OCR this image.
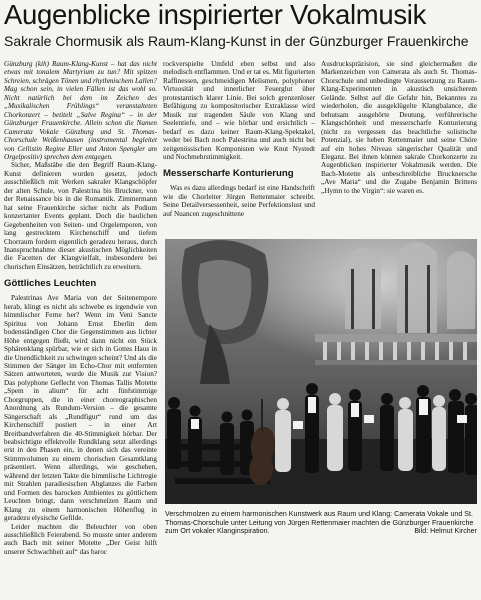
Augenblicke inspirierter Vokalmusik
Sakrale Chormusik als Raum-Klang-Kunst in der Günzburger Frauenkirche

Günzburg (kih) Raum-Klang-Kunst – hat das nicht etwas mit tonalem Martyrium zu tun? Mit spitzen Schreien, schrägen Tönen und rhythmischem Lallen? Mag schon sein, in vielen Fällen ist das wohl so. Nicht natürlich bei dem im Zeichen des „Musikalischen Frühlings“ veranstalteten Chorkonzert – betitelt „Salve Regina“ – in der Günzburger Frauenkirche. Allein schon die Namen Camerata Vokale Günzburg und St. Thomas-Chorschule Weißenhausen (instrumental begleitet von Cellistin Regine Eller und Anton Spengler am Orgelpositiv) sprechen dem entgegen.

Sicher, Maßstäbe die den Begriff Raum-Klang-Kunst definieren wurden gesetzt, jedoch ausschließlich mit Werken sakraler Klangschöpfer der alten Schule, von Palestrina bis Bruckner, von der Renaissance bis in die Romantik. Zimmermann hat seine Frauenkirche sicher nicht als Podium konzertanter Events geplant. Doch die baulichen Gegebenheiten von Seiten- und Orgelemporen, von lang gestrecktem Kirchenschiff und tiefem Chorraum fordern eigentlich geradezu heraus, durch Inanspruchnahme dieser akustischen Möglichkeiten die Facetten der Klangvielfalt, insbesondere bei chorischen Einsätzen, beträchtlich zu erweitern.

Göttliches Leuchten

Palestrinas Ave Maria von der Seitenempore herab, klingt es nicht als schwebe es irgendwie von himmlischer Ferne her? Wenn im Veni Sancte Spiritus von Johann Ernst Eberlin dem bodenständigen Chor die Gegenstimmen aus lichter Höhe entgegen fließt, wird dann nicht ein Stück Sphärenklang spürbar, wie er sich in Gottes Haus in die Unendlichkeit zu schwingen scheint? Und als die Stimmen der Sänger im Echo-Chor mit entfernten Sätzen antworteten, wurde die Musik zur Vision? Das polyphone Geflecht von Thomas Tallis Motette „Spem in alium“ für acht fünfstimmige Chorgruppen, die in einer choreographischen Anordnung als Rundum-Version – die gesamte Sängerschaft als „Rundfigur“ rund um das Kirchenschiff postiert – in einer Art Breitbandverfahren die 40-Stimmigkeit hörbar. Der beabsichtigte effektvolle Rundklang setzt allerdings erst in den Phasen ein, in denen sich das vereinte Stimmvolumen zu einem chorischen Gesamtklang präsentiert. Wenn allerdings, wie geschehen, während der letzten Takte die himmlische Lichtregie mit Strahlen paradiesischen Abglanzes die Farben und Formen des barocken Ambientes zu göttlichem Leuchten bringt, dann verschmelzen Raum und Klang zu einem harmonischen Höhenflug in geradezu elysische Gefilde.

Leider machten die Beleuchter von oben ausschließlich Feierabend. So musste unter anderem auch Bach mit seiner Motette „Der Geist hilft unserer Schwachheit auf“ das baroc

rockverspielte Umfeld eben selbst und also melodisch entflammen. Und er tat es. Mit figurierten Raffinessen, geschmeidigen Melismen, polyphoner Virtuosität und innerlicher Feuerglut über protestantisch klarer Linie. Bei solch grenzenloser Befähigung zu kompositorischer Extraklasse wird Musik zur tragenden Säule von Klang und Seelentiefe, und – wie hörbar und ersichtlich – bedarf es dazu keiner Raum-Klang-Spektakel, weder bei Bach noch Palestrina und auch nicht bei zeitgenössischen Komponisten wie Knut Nystedt und Nochmehrstimmigkeit.

Messerscharfe Konturierung

Was es dazu allerdings bedarf ist eine Handschrift wie die Chorleiter Jürgen Rettenmaier schreibt. Seine Detailversessenheit, seine Perfektionslust und auf Nuancen zugeschnittene

Ausdruckspräzision, sie sind gleichermaßen die Markenzeichen von Camerata als auch St. Thomas-Chorschule und unbedingte Voraussetzung zu Raum-Klang-Experimenten in akustisch unsicherem Gelände. Selbst auf die Gefahr hin, Bekanntes zu wiederholen, die ausgeklügelte Klangbalance, die behutsam ausgehörte Deutung, verführerische Klangschönheit und messerscharfe Konturierung (nicht zu vergessen das beachtliche solistische Potenzial), sie heben Rettenmaier und seine Chöre auf ein hohes Niveau sängerischer Qualität und Eleganz. Bei ihnen können sakrale Chorkonzerte zu Augenblicken inspirierter Vokalmusik werden. Die Bach-Motette als unbeschreibliche Brucknersche „Ave Maria“ und die Zugabe Benjamin Brittens „Hymn to the Virgin“: sie waren es.

Verschmolzen zu einem harmonischen Kunstwerk aus Raum und Klang: Camerata Vokale und St. Thomas-Chorschule unter Leitung von Jürgen Rettenmaier machten die Günzburger Frauenkirche zum Ort vokaler Klanginspiration.	Bild: Helmut Kircher
